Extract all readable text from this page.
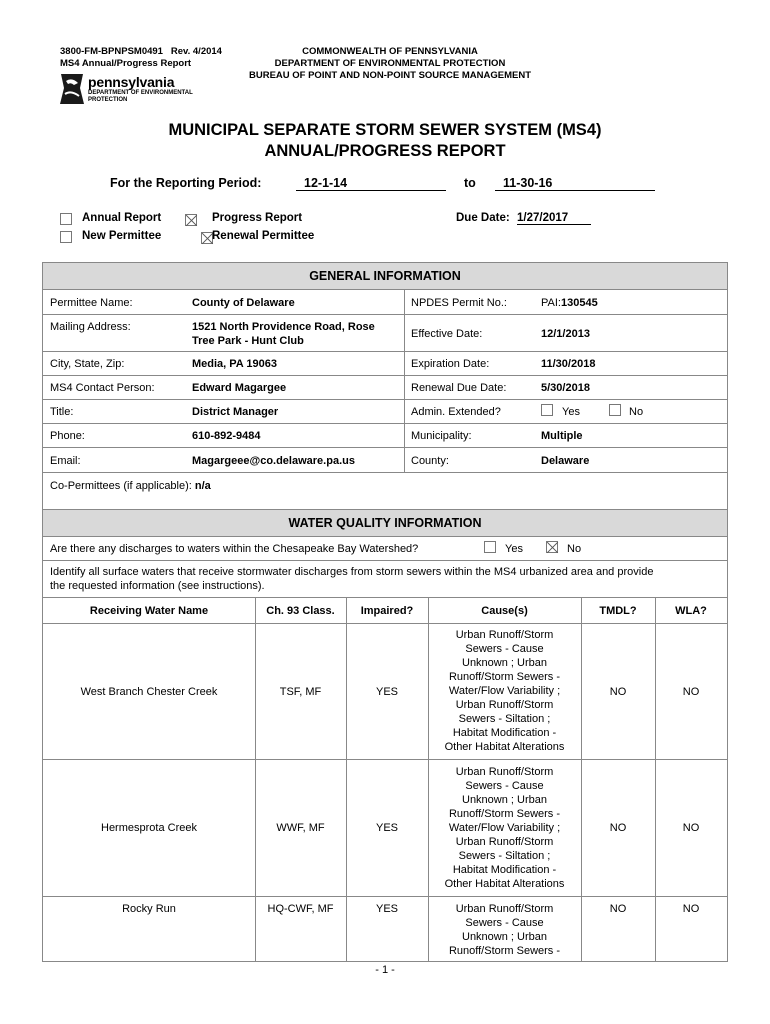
3800-FM-BPNPSM0491 Rev. 4/2014
MS4 Annual/Progress Report
COMMONWEALTH OF PENNSYLVANIA
DEPARTMENT OF ENVIRONMENTAL PROTECTION
BUREAU OF POINT AND NON-POINT SOURCE MANAGEMENT
pennsylvania
DEPARTMENT OF ENVIRONMENTAL
PROTECTION
MUNICIPAL SEPARATE STORM SEWER SYSTEM (MS4)
ANNUAL/PROGRESS REPORT
For the Reporting Period:	12-1-14	to	11-30-16
Annual Report
	Progress Report
New Permittee	Renewal Permittee
Due Date: 1/27/2017
GENERAL INFORMATION
Permittee Name:	County of Delaware	NPDES Permit No.:	PAI:130545
Mailing Address:	1521 North Providence Road, Rose
Tree Park - Hunt Club
Effective Date:	12/1/2013
City, State, Zip:	Media, PA 19063	Expiration Date:	11/30/2018
MS4 Contact Person:	Edward Magargee	Renewal Due Date:	5/30/2018
Title:	District Manager	Admin. Extended?	Yes	No
Phone:	610-892-9484	Municipality:	Multiple
Email:	Magargeee@co.delaware.pa.us	County:	Delaware
Co-Permittees (if applicable): n/a
WATER QUALITY INFORMATION
Are there any discharges to waters within the Chesapeake Bay Watershed?	Yes	No
Identify all surface waters that receive stormwater discharges from storm sewers within the MS4 urbanized area and provide
the requested information (see instructions).
Receiving Water Name	Ch. 93 Class.	Impaired?	Cause(s)	TMDL?	WLA?
West Branch Chester Creek	TSF, MF	YES
Urban Runoff/Storm
Sewers - Cause
Unknown ; Urban
Runoff/Storm Sewers -
Water/Flow Variability ;
Urban Runoff/Storm
Sewers - Siltation ;
Habitat Modification -
Other Habitat Alterations
NO	NO
Hermesprota Creek	WWF, MF	YES
Urban Runoff/Storm
Sewers - Cause
Unknown ; Urban
Runoff/Storm Sewers -
Water/Flow Variability ;
Urban Runoff/Storm
Sewers - Siltation ;
Habitat Modification -
Other Habitat Alterations
NO	NO
Rocky Run	HQ-CWF, MF	YES	Urban Runoff/Storm
Sewers - Cause
Unknown ; Urban
Runoff/Storm Sewers -
NO	NO
- 1 -
